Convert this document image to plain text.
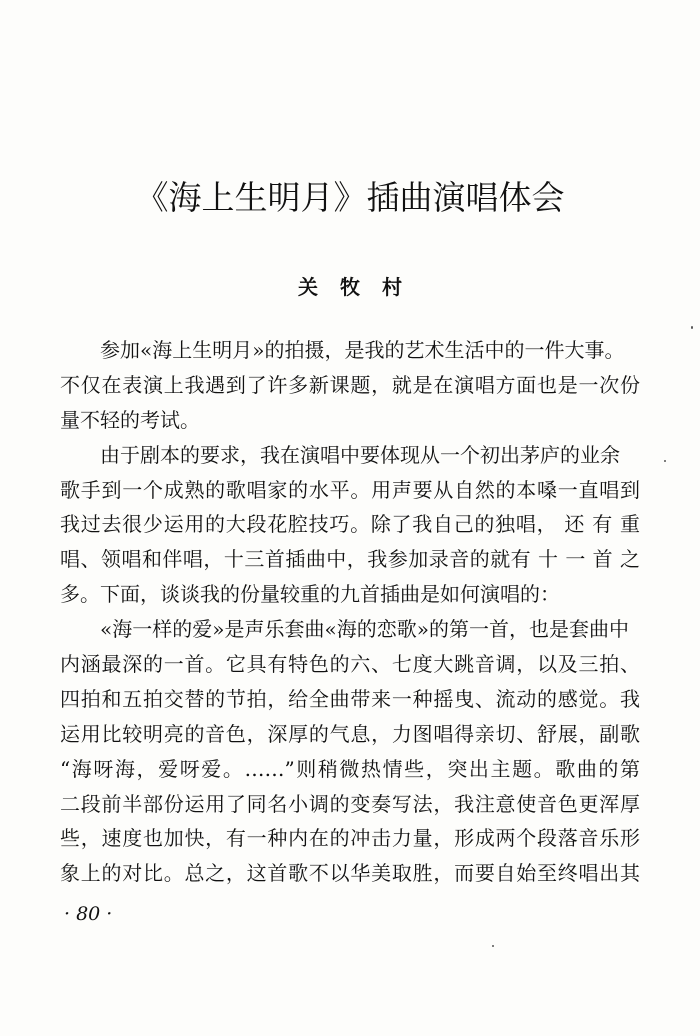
《海上生明月》插曲演唱体会
关牧村
参加«海上生明月»的拍摄，是我的艺术生活中的一件大事。
不仅在表演上我遇到了许多新课题，就是在演唱方面也是一次份
量不轻的考试。
由于剧本的要求，我在演唱中要体现从一个初出茅庐的业余
歌手到一个成熟的歌唱家的水平。用声要从自然的本嗓一直唱到
我过去很少运用的大段花腔技巧。除了我自己的独唱， 还 有 重
唱、领唱和伴唱，十三首插曲中，我参加录音的就有 十 一 首 之
多。下面，谈谈我的份量较重的九首插曲是如何演唱的：
«海一样的爱»是声乐套曲«海的恋歌»的第一首，也是套曲中
内涵最深的一首。它具有特色的六、七度大跳音调，以及三拍、
四拍和五拍交替的节拍，给全曲带来一种摇曳、流动的感觉。我
运用比较明亮的音色，深厚的气息，力图唱得亲切、舒展，副歌
“海呀海，爱呀爱。……”则稍微热情些，突出主题。歌曲的第
二段前半部份运用了同名小调的变奏写法，我注意使音色更浑厚
些，速度也加快，有一种内在的冲击力量，形成两个段落音乐形
象上的对比。总之，这首歌不以华美取胜，而要自始至终唱出其
· 80 ·
